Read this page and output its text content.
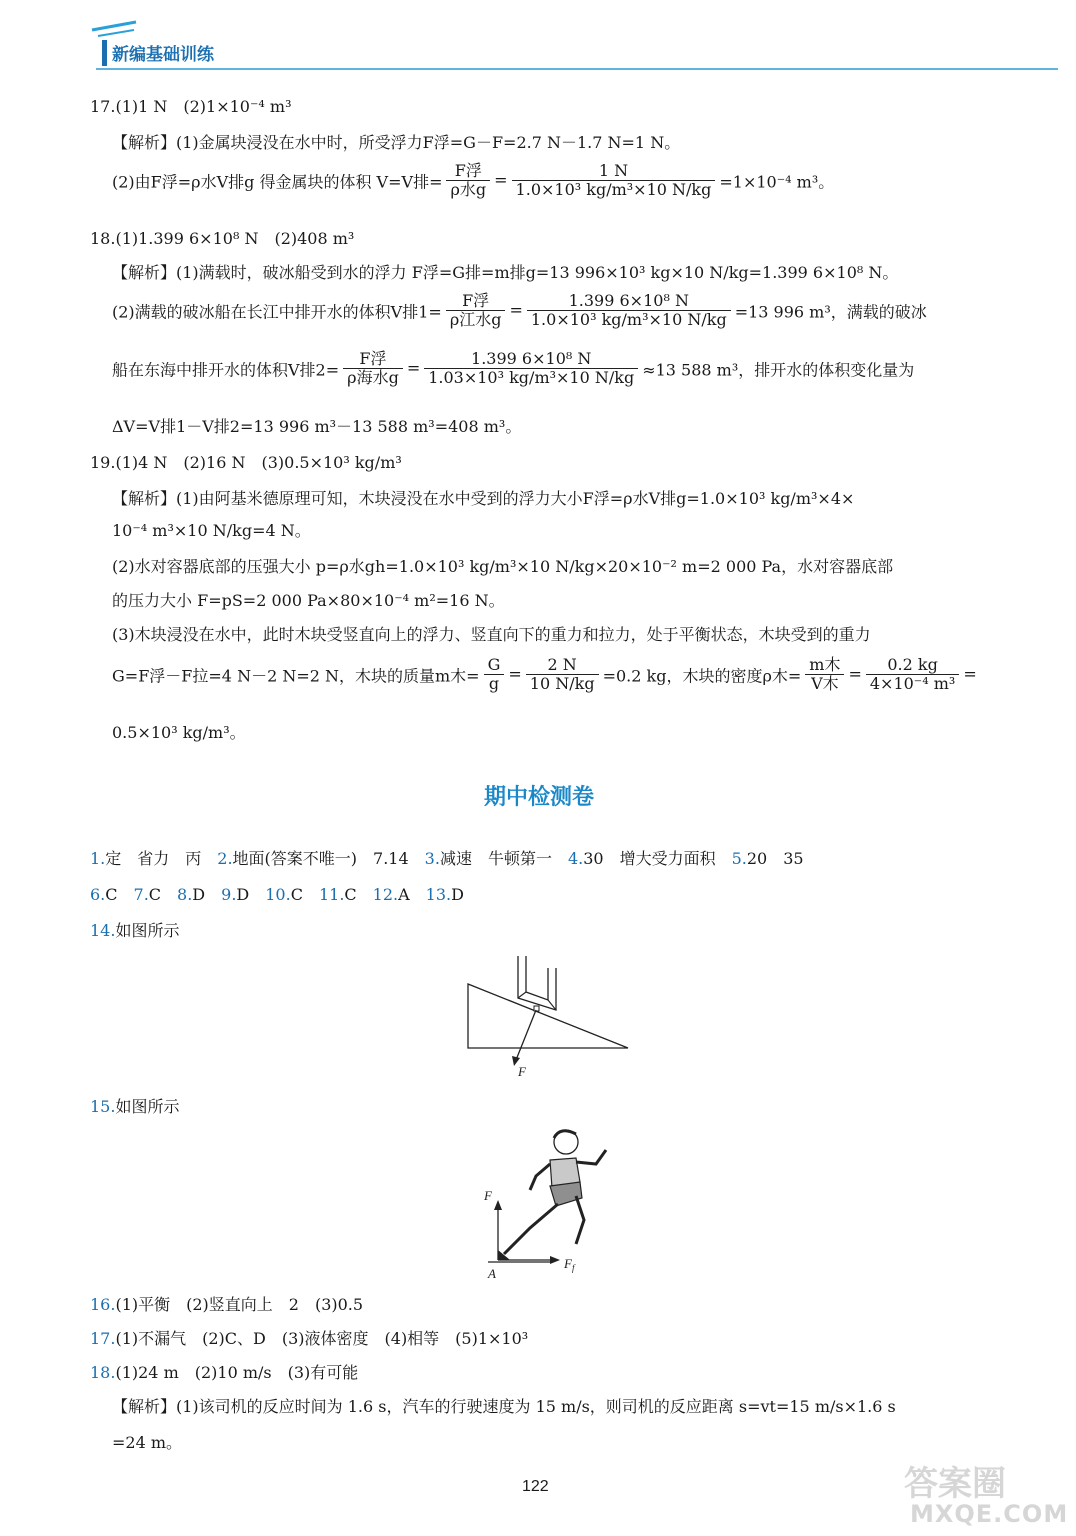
新编基础训练
17.(1)1 N　(2)1×10⁻⁴ m³
【解析】(1)金属块浸没在水中时，所受浮力F浮=G－F=2.7 N－1.7 N=1 N。
(2)由F浮=ρ水V排g 得金属块的体积 V=V排= $\frac{\text{F浮}}{\text{ρ水g}} = \frac{1 N}{\text{1.0×10³ kg/m³×10 N/kg}} =1\times 10^{-4}$ m³。
18.(1)1.399 6×10⁸ N　(2)408 m³
【解析】(1)满载时，破冰船受到水的浮力 F浮=G排=m排g=13 996×10³ kg×10 N/kg=1.399 6×10⁸ N。
(2)满载的破冰船在长江中排开水的体积V排$1= \frac{\text{F浮}}{\text{ρ江水g}} = \frac{\text{1.399 6×10⁸ N}}{\text{1.0×10³ kg/m³×10 N/kg}} =13$ 996 m³，满载的破冰
船在东海中排开水的体积V排$2= \frac{\text{F浮}}{\text{ρ海水g}} = \frac{\text{1.399 6×10⁸ N}}{\text{1.03×10³ kg/m³×10 N/kg}} \approx 13$ 588 m³，排开水的体积变化量为
ΔV=V排1－V排2=13 996 m³－13 588 m³=408 m³。
19.(1)4 N　(2)16 N　(3)0.5×10³ kg/m³
【解析】(1)由阿基米德原理可知，木块浸没在水中受到的浮力大小F浮=ρ水V排g=1.0×10³ kg/m³×4×
10⁻⁴ m³×10 N/kg=4 N。
(2)水对容器底部的压强大小 p=ρ水gh=1.0×10³ kg/m³×10 N/kg×20×10⁻² m=2 000 Pa，水对容器底部
的压力大小 F=pS=2 000 Pa×80×10⁻⁴ m²=16 N。
(3)木块浸没在水中，此时木块受竖直向上的浮力、竖直向下的重力和拉力，处于平衡状态，木块受到的重力
G=F浮－F拉=4 N－2 N=2 N，木块的质量m木= $\frac{G}{g} = \frac{2 N}{10 N/kg} =0.2$ kg，木块的密度ρ木= $\frac{\text{m木}}{\text{V木}} = \frac{0.2 kg}{\text{4×10⁻⁴ m³}}$ =
0.5×10³ kg/m³。
期中检测卷
1.定　省力　丙　2.地面(答案不唯一)　7.14　3.减速　牛顿第一　4.30　增大受力面积　5.20　35
6.C　7.C　8.D　9.D　10.C　11.C　12.A　13.D
14.如图所示
F
15.如图所示
F
A
$F_f$
16.(1)平衡　(2)竖直向上　2　(3)0.5
17.(1)不漏气　(2)C、D　(3)液体密度　(4)相等　(5)1×10³
18.(1)24 m　(2)10 m/s　(3)有可能
【解析】(1)该司机的反应时间为 1.6 s，汽车的行驶速度为 15 m/s，则司机的反应距离 s=vt=15 m/s×1.6 s
=24 m。
122	答案圈
MXQE.COM
